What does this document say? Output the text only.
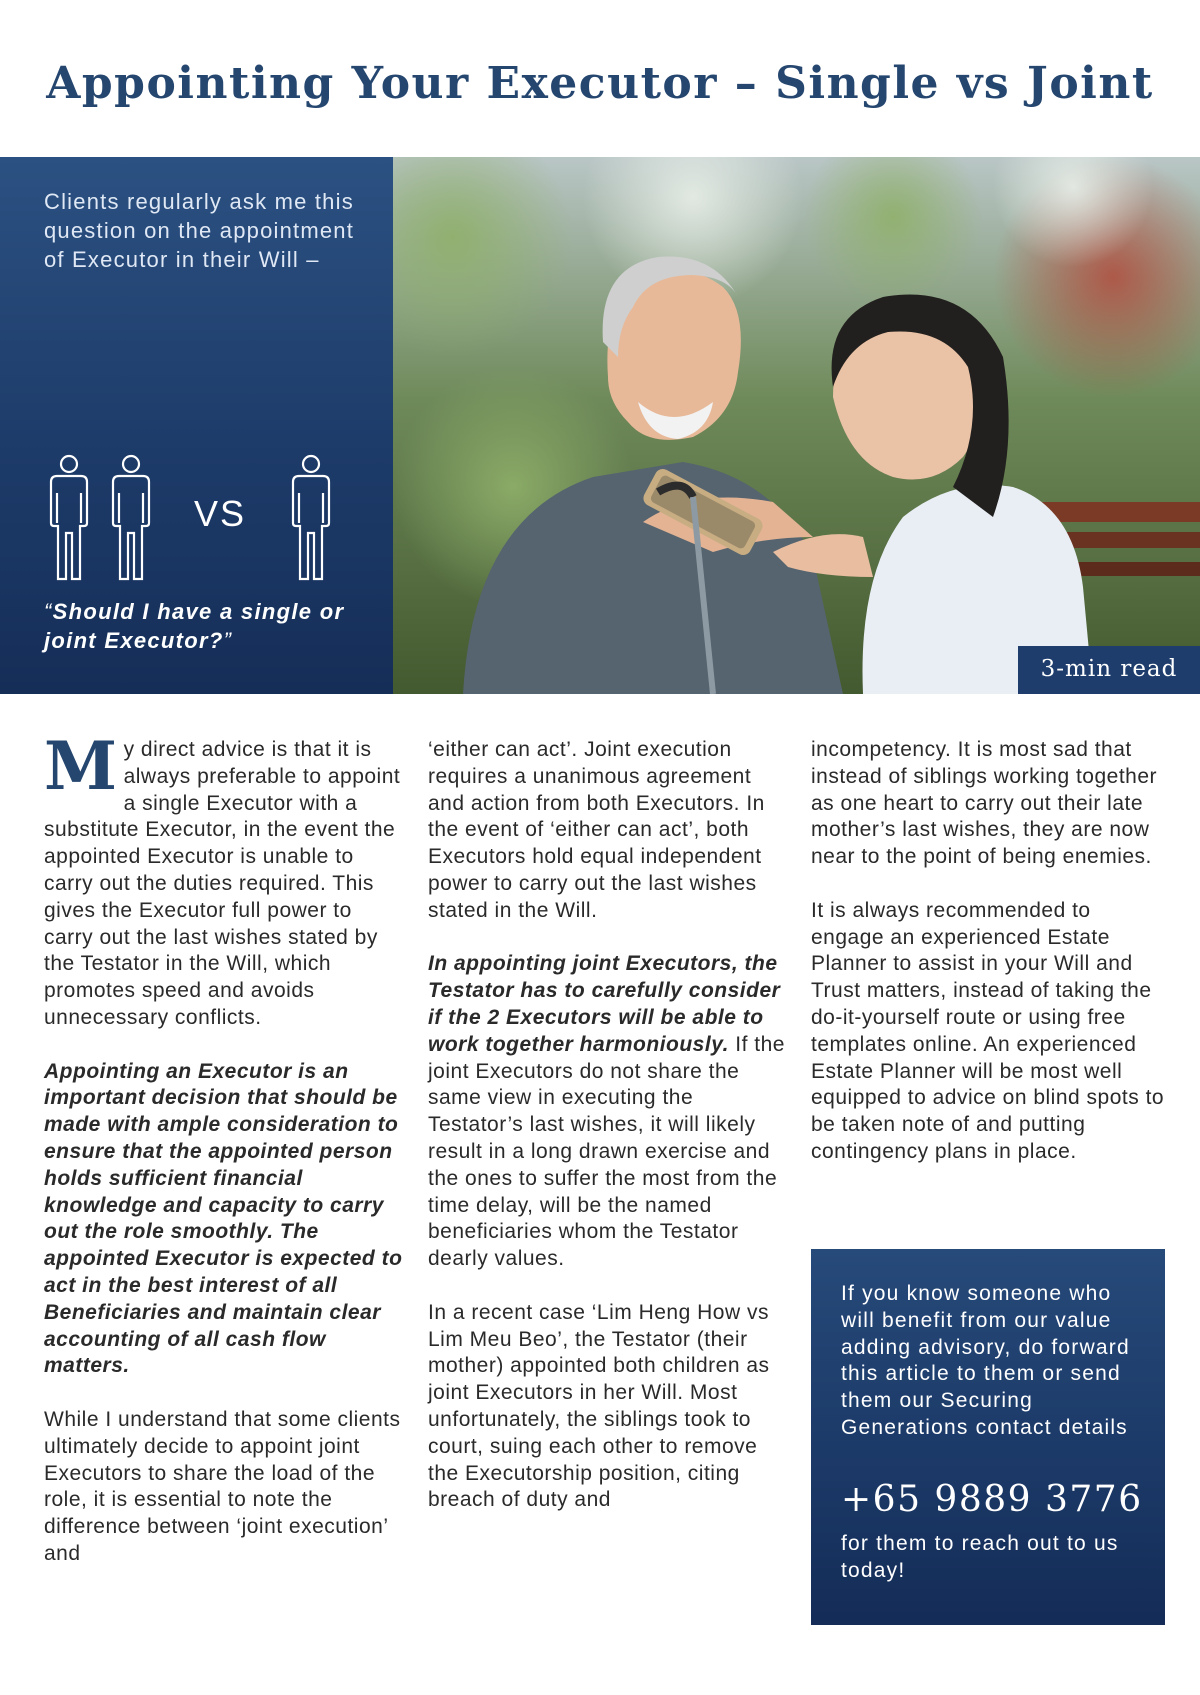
Appointing Your Executor – Single vs Joint

Clients regularly ask me this question on the appointment of Executor in their Will –

VS

“Should I have a single or joint Executor?”

3-min read

My direct advice is that it is always preferable to appoint a single Executor with a substitute Executor, in the event the appointed Executor is unable to carry out the duties required. This gives the Executor full power to carry out the last wishes stated by the Testator in the Will, which promotes speed and avoids unnecessary conflicts.

Appointing an Executor is an important decision that should be made with ample consideration to ensure that the appointed person holds sufficient financial knowledge and capacity to carry out the role smoothly. The appointed Executor is expected to act in the best interest of all Beneficiaries and maintain clear accounting of all cash flow matters.

While I understand that some clients ultimately decide to appoint joint Executors to share the load of the role, it is essential to note the difference between ‘joint execution’ and

‘either can act’. Joint execution requires a unanimous agreement and action from both Executors. In the event of ‘either can act’, both Executors hold equal independent power to carry out the last wishes stated in the Will.

In appointing joint Executors, the Testator has to carefully consider if the 2 Executors will be able to work together harmoniously. If the joint Executors do not share the same view in executing the Testator’s last wishes, it will likely result in a long drawn exercise and the ones to suffer the most from the time delay, will be the named beneficiaries whom the Testator dearly values.

In a recent case ‘Lim Heng How vs Lim Meu Beo’, the Testator (their mother) appointed both children as joint Executors in her Will. Most unfortunately, the siblings took to court, suing each other to remove the Executorship position, citing breach of duty and

incompetency. It is most sad that instead of siblings working together as one heart to carry out their late mother’s last wishes, they are now near to the point of being enemies.

It is always recommended to engage an experienced Estate Planner to assist in your Will and Trust matters, instead of taking the do-it-yourself route or using free templates online. An experienced Estate Planner will be most well equipped to advice on blind spots to be taken note of and putting contingency plans in place.

If you know someone who will benefit from our value adding advisory, do forward this article to them or send them our Securing Generations contact details

+65 9889 3776

for them to reach out to us today!
